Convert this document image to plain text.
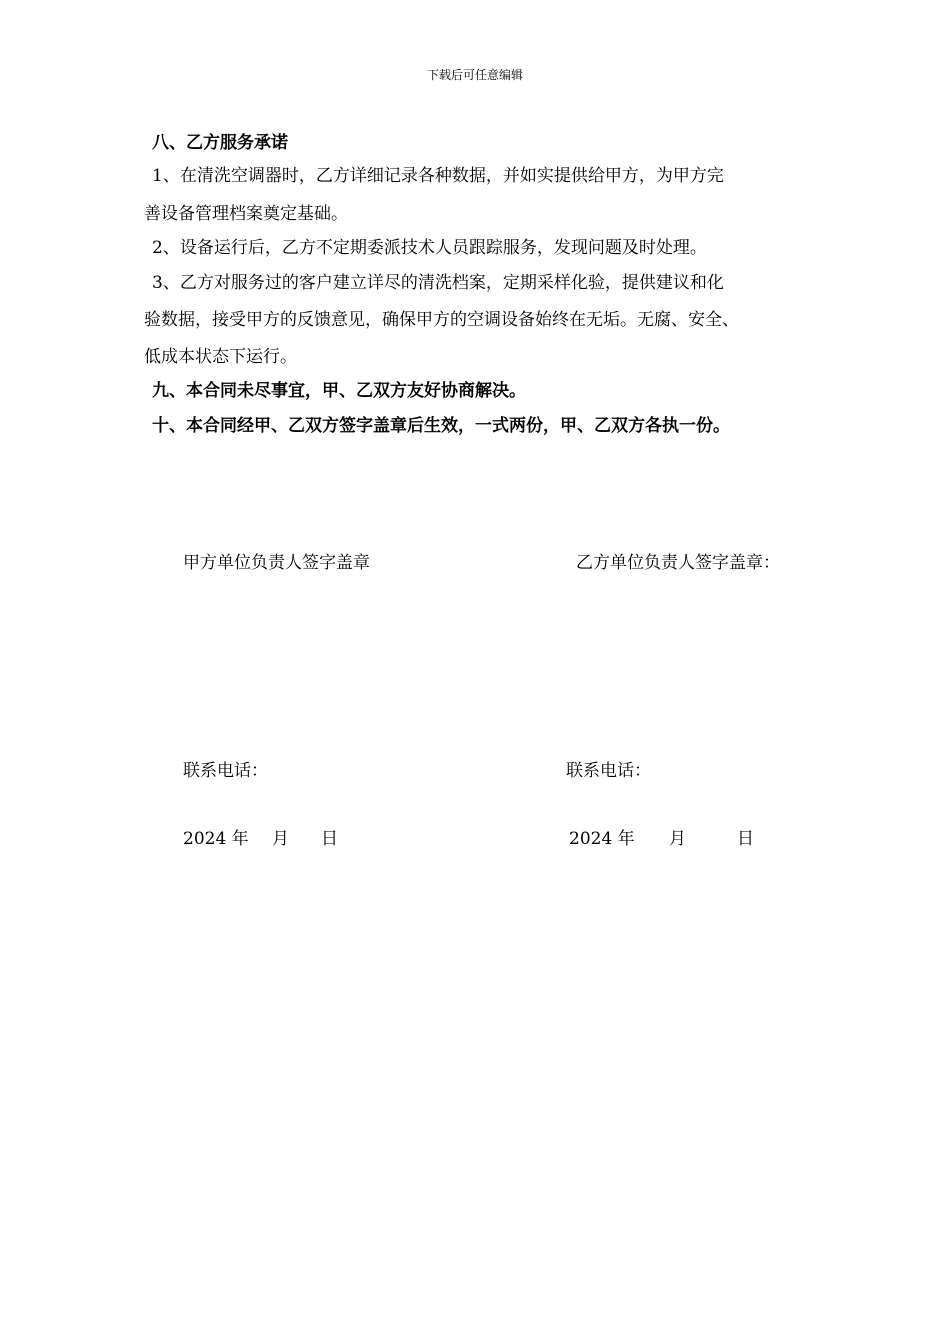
下载后可任意编辑
八、乙方服务承诺
1、在清洗空调器时，乙方详细记录各种数据，并如实提供给甲方，为甲方完
善设备管理档案奠定基础。
2、设备运行后，乙方不定期委派技术人员跟踪服务，发现问题及时处理。
3、乙方对服务过的客户建立详尽的清洗档案，定期采样化验，提供建议和化
验数据，接受甲方的反馈意见，确保甲方的空调设备始终在无垢。无腐、安全、
低成本状态下运行。
九、本合同未尽事宜，甲、乙双方友好协商解决。
十、本合同经甲、乙双方签字盖章后生效，一式两份，甲、乙双方各执一份。
甲方单位负责人签字盖章	乙方单位负责人签字盖章：
联系电话：	联系电话：
2024 年 月 日	2024 年 月	日
